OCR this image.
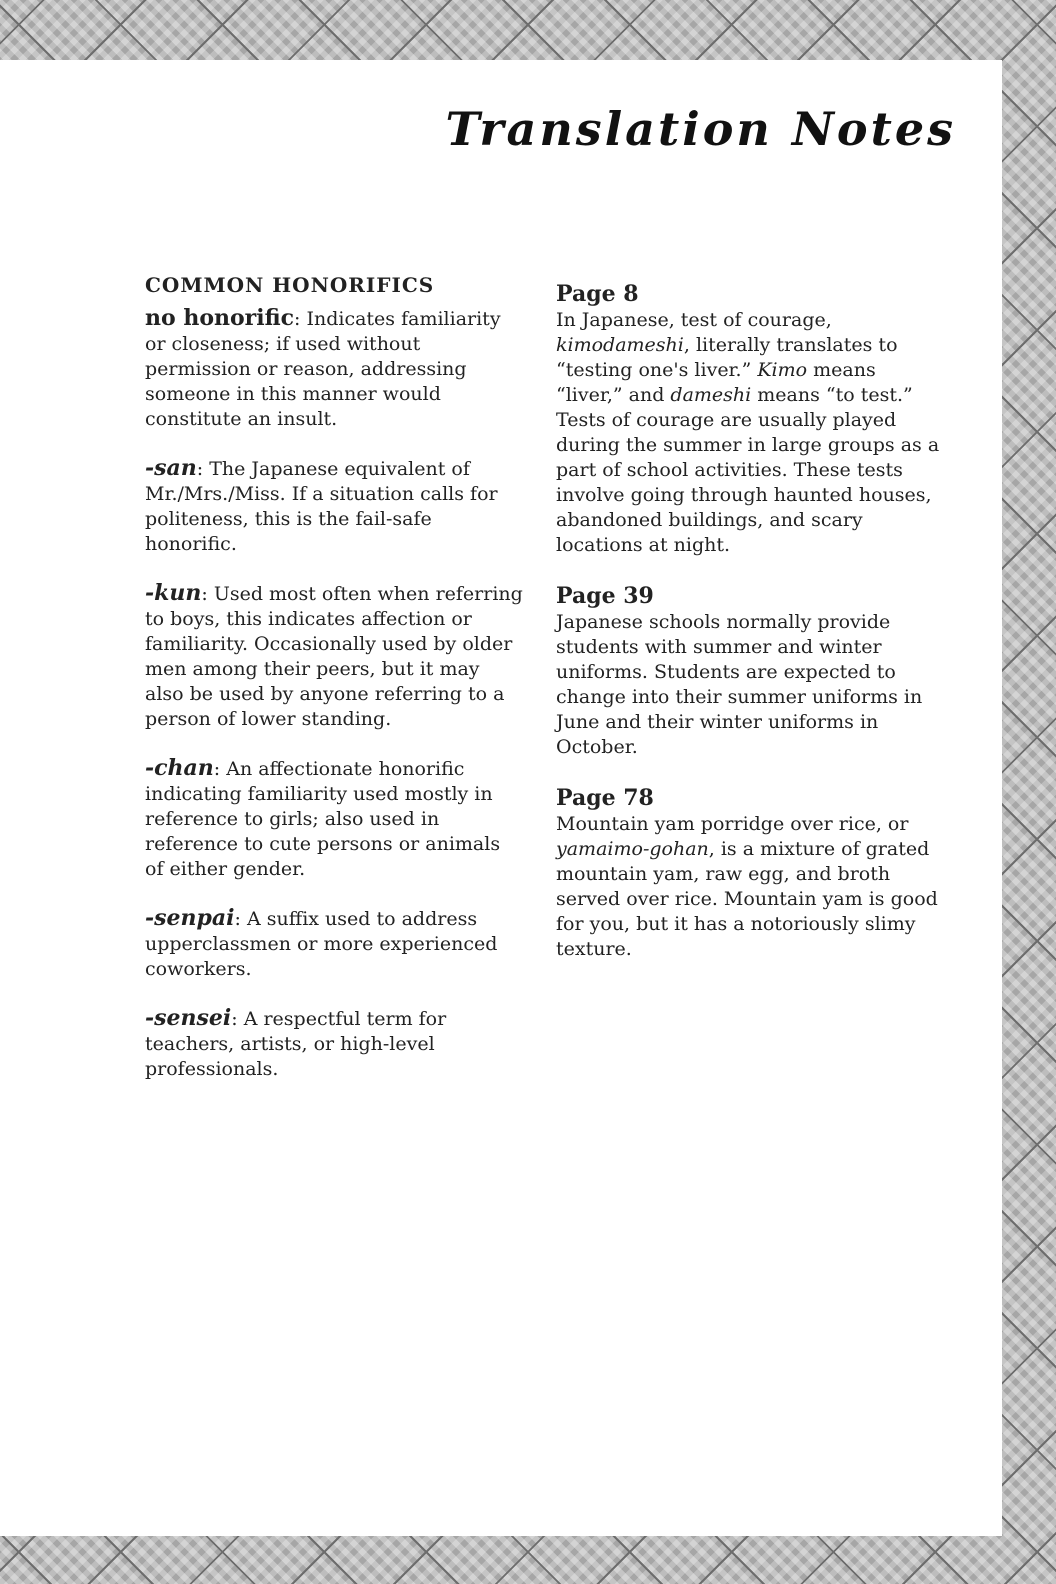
Translation Notes
COMMON HONORIFICS
no honorific: Indicates familiarity or closeness; if used without permission or reason, addressing someone in this manner would constitute an insult.
-san: The Japanese equivalent of Mr./Mrs./Miss. If a situation calls for politeness, this is the fail-safe honorific.
-kun: Used most often when referring to boys, this indicates affection or familiarity. Occasionally used by older men among their peers, but it may also be used by anyone referring to a person of lower standing.
-chan: An affectionate honorific indicating familiarity used mostly in reference to girls; also used in reference to cute persons or animals of either gender.
-senpai: A suffix used to address upperclassmen or more experienced coworkers.
-sensei: A respectful term for teachers, artists, or high-level professionals.
Page 8

In Japanese, test of courage, kimodameshi, literally translates to “testing one's liver.” Kimo means “liver,” and dameshi means “to test.” Tests of courage are usually played during the summer in large groups as a part of school activities. These tests involve going through haunted houses, abandoned buildings, and scary locations at night.

Page 39

Japanese schools normally provide students with summer and winter uniforms. Students are expected to change into their summer uniforms in June and their winter uniforms in October.

Page 78

Mountain yam porridge over rice, or yamaimo-gohan, is a mixture of grated mountain yam, raw egg, and broth served over rice. Mountain yam is good for you, but it has a notoriously slimy texture.
